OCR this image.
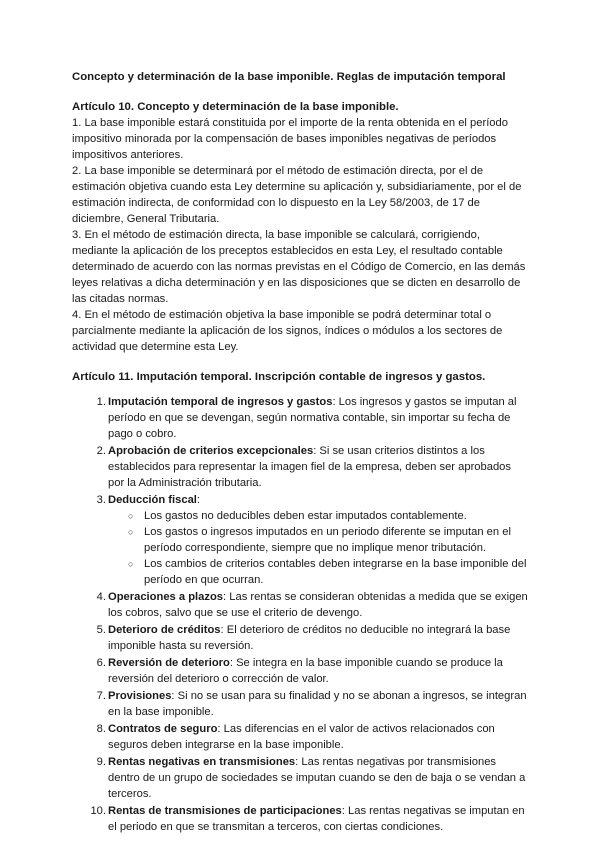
Concepto y determinación de la base imponible. Reglas de imputación temporal

Artículo 10. Concepto y determinación de la base imponible.

1. La base imponible estará constituida por el importe de la renta obtenida en el período impositivo minorada por la compensación de bases imponibles negativas de períodos impositivos anteriores.

2. La base imponible se determinará por el método de estimación directa, por el de estimación objetiva cuando esta Ley determine su aplicación y, subsidiariamente, por el de estimación indirecta, de conformidad con lo dispuesto en la Ley 58/2003, de 17 de diciembre, General Tributaria.

3. En el método de estimación directa, la base imponible se calculará, corrigiendo, mediante la aplicación de los preceptos establecidos en esta Ley, el resultado contable determinado de acuerdo con las normas previstas en el Código de Comercio, en las demás leyes relativas a dicha determinación y en las disposiciones que se dicten en desarrollo de las citadas normas.

4. En el método de estimación objetiva la base imponible se podrá determinar total o parcialmente mediante la aplicación de los signos, índices o módulos a los sectores de actividad que determine esta Ley.

Artículo 11. Imputación temporal. Inscripción contable de ingresos y gastos.

1. Imputación temporal de ingresos y gastos: Los ingresos y gastos se imputan al período en que se devengan, según normativa contable, sin importar su fecha de pago o cobro.
2. Aprobación de criterios excepcionales: Si se usan criterios distintos a los establecidos para representar la imagen fiel de la empresa, deben ser aprobados por la Administración tributaria.
3. Deducción fiscal:
○ Los gastos no deducibles deben estar imputados contablemente.
○ Los gastos o ingresos imputados en un periodo diferente se imputan en el período correspondiente, siempre que no implique menor tributación.
○ Los cambios de criterios contables deben integrarse en la base imponible del período en que ocurran.
4. Operaciones a plazos: Las rentas se consideran obtenidas a medida que se exigen los cobros, salvo que se use el criterio de devengo.
5. Deterioro de créditos: El deterioro de créditos no deducible no integrará la base imponible hasta su reversión.
6. Reversión de deterioro: Se integra en la base imponible cuando se produce la reversión del deterioro o corrección de valor.
7. Provisiones: Si no se usan para su finalidad y no se abonan a ingresos, se integran en la base imponible.
8. Contratos de seguro: Las diferencias en el valor de activos relacionados con seguros deben integrarse en la base imponible.
9. Rentas negativas en transmisiones: Las rentas negativas por transmisiones dentro de un grupo de sociedades se imputan cuando se den de baja o se vendan a terceros.
10. Rentas de transmisiones de participaciones: Las rentas negativas se imputan en el periodo en que se transmitan a terceros, con ciertas condiciones.
